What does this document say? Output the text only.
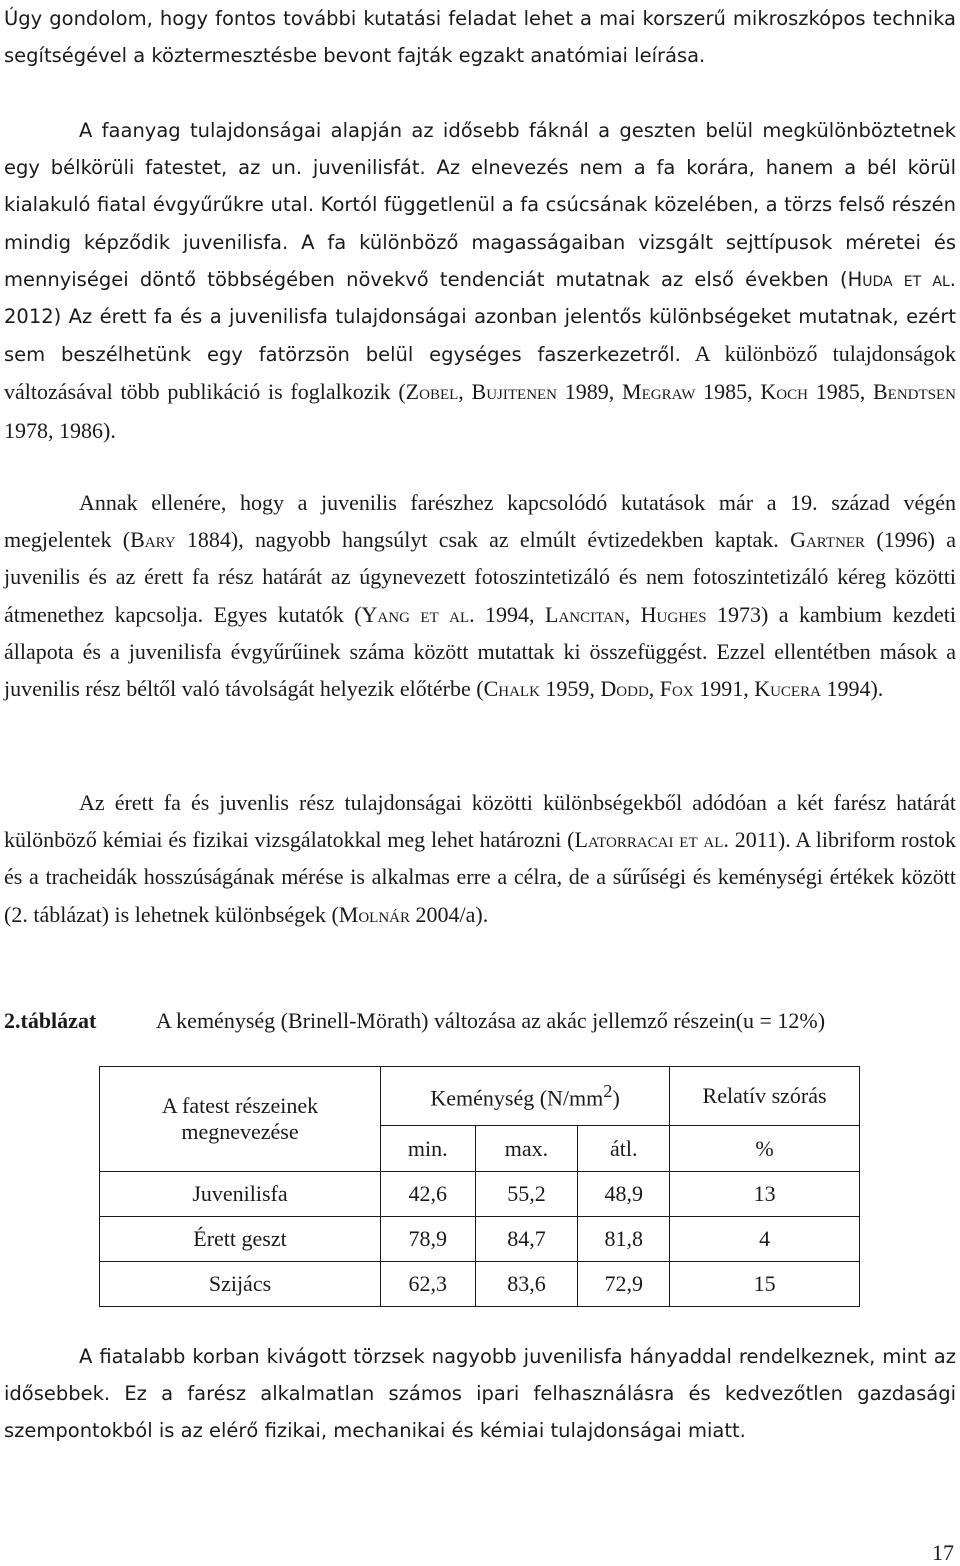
Úgy gondolom, hogy fontos további kutatási feladat lehet a mai korszerű mikroszkópos technika segítségével a köztermesztésbe bevont fajták egzakt anatómiai leírása.

A faanyag tulajdonságai alapján az idősebb fáknál a geszten belül megkülönböztetnek egy bélkörüli fatestet, az un. juvenilisfát. Az elnevezés nem a fa korára, hanem a bél körül kialakuló fiatal évgyűrűkre utal. Kortól függetlenül a fa csúcsának közelében, a törzs felső részén mindig képződik juvenilisfa. A fa különböző magasságaiban vizsgált sejttípusok méretei és mennyiségei döntő többségében növekvő tendenciát mutatnak az első években (Huda et al. 2012) Az érett fa és a juvenilisfa tulajdonságai azonban jelentős különbségeket mutatnak, ezért sem beszélhetünk egy fatörzsön belül egységes faszerkezetről. A különböző tulajdonságok változásával több publikáció is foglalkozik (Zobel, Bujitenen 1989, Megraw 1985, Koch 1985, Bendtsen 1978, 1986).

Annak ellenére, hogy a juvenilis farészhez kapcsolódó kutatások már a 19. század végén megjelentek (Bary 1884), nagyobb hangsúlyt csak az elmúlt évtizedekben kaptak. Gartner (1996) a juvenilis és az érett fa rész határát az úgynevezett fotoszintetizáló és nem fotoszintetizáló kéreg közötti átmenethez kapcsolja. Egyes kutatók (Yang et al. 1994, Lancitan, Hughes 1973) a kambium kezdeti állapota és a juvenilisfa évgyűrűinek száma között mutattak ki összefüggést. Ezzel ellentétben mások a juvenilis rész béltől való távolságát helyezik előtérbe (Chalk 1959, Dodd, Fox 1991, Kucera 1994).

Az érett fa és juvenlis rész tulajdonságai közötti különbségekből adódóan a két farész határát különböző kémiai és fizikai vizsgálatokkal meg lehet határozni (Latorracai et al. 2011). A libriform rostok és a tracheidák hosszúságának mérése is alkalmas erre a célra, de a sűrűségi és keménységi értékek között (2. táblázat) is lehetnek különbségek (Molnár 2004/a).

2.táblázat	A keménység (Brinell-Mörath) változása az akác jellemző részein(u = 12%)
A fatest részeinek
megnevezése	Keménység $(N/mm^2)$			Relatív szórás
	min.	max.	átl.	%
Juvenilisfa	42,6	55,2	48,9	13
Érett geszt	78,9	84,7	81,8	4
Szijács	62,3	83,6	72,9	15

A fiatalabb korban kivágott törzsek nagyobb juvenilisfa hányaddal rendelkeznek, mint az idősebbek. Ez a farész alkalmatlan számos ipari felhasználásra és kedvezőtlen gazdasági szempontokból is az elérő fizikai, mechanikai és kémiai tulajdonságai miatt.

17
